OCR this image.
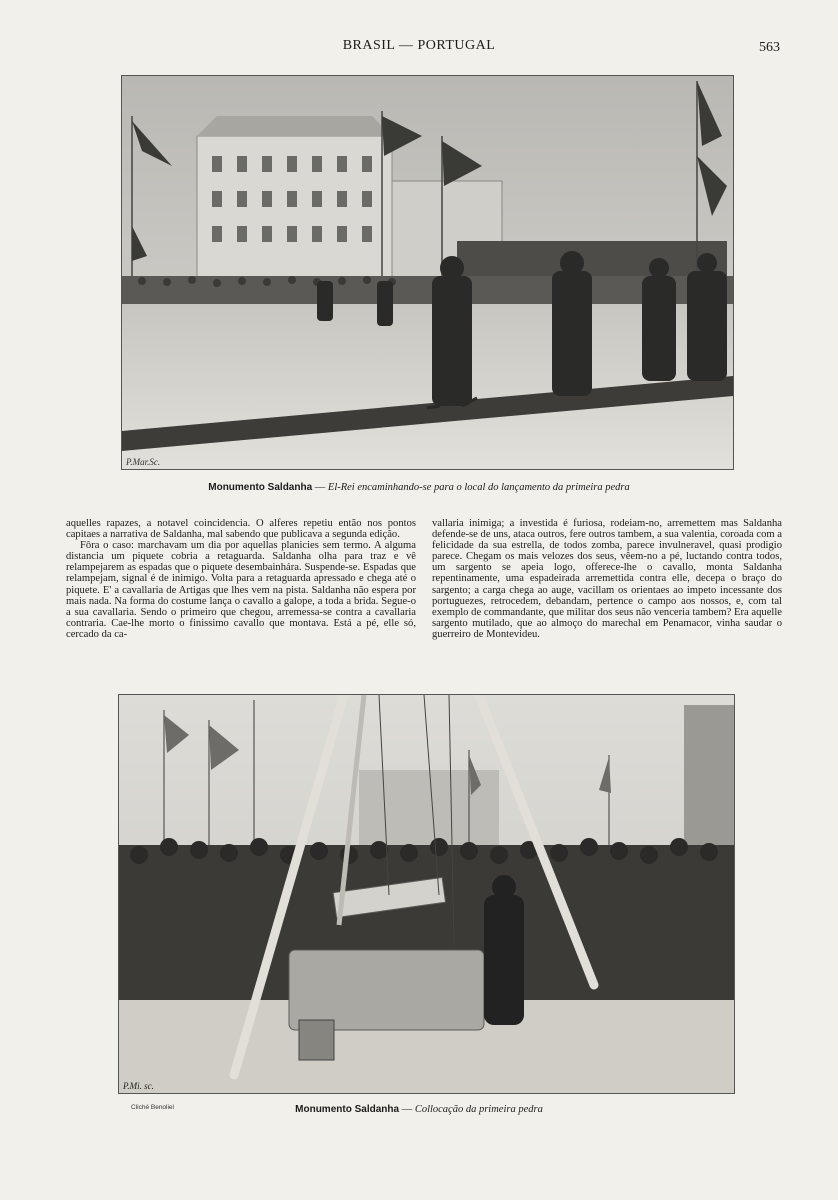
BRASIL — PORTUGAL	563
P.Mar.Sc.
Monumento Saldanha — El-Rei encaminhando-se para o local do lançamento da primeira pedra

aquelles rapazes, a notavel coincidencia. O alferes repetiu então nos pontos capitaes a narrativa de Saldanha, mal sabendo que publicava a segunda edição.

Fôra o caso: marchavam um dia por aquellas planicies sem termo. A alguma distancia um piquete cobria a retaguarda. Saldanha olha para traz e vê relampejarem as espadas que o piquete desembainhára. Suspende-se. Espadas que relampejam, signal é de inimigo. Volta para a retaguarda apressado e chega até o piquete. E' a cavallaria de Artigas que lhes vem na pista. Saldanha não espera por mais nada. Na forma do costume lança o cavallo a galope, a toda a brida. Segue-o a sua cavallaria. Sendo o primeiro que chegou, arremessa-se contra a cavallaria contraria. Cae-lhe morto o finissimo cavallo que montava. Está a pé, elle só, cercado da ca-

vallaria inimiga; a investida é furiosa, rodeiam-no, arremettem mas Saldanha defende-se de uns, ataca outros, fere outros tambem, a sua valentia, coroada com a felicidade da sua estrella, de todos zomba, parece invulneravel, quasi prodigio parece. Chegam os mais velozes dos seus, vêem-no a pé, luctando contra todos, um sargento se apeia logo, offerece-lhe o cavallo, monta Saldanha repentinamente, uma espadeirada arremettida contra elle, decepa o braço do sargento; a carga chega ao auge, vacillam os orientaes ao impeto incessante dos portuguezes, retrocedem, debandam, pertence o campo aos nossos, e, com tal exemplo de commandante, que militar dos seus não venceria tambem? Era aquelle sargento mutilado, que ao almoço do marechal em Penamacor, vinha saudar o guerreiro de Montevideu.

P.Mi. sc.
Cliché Benoliel	Monumento Saldanha — Collocação da primeira pedra
